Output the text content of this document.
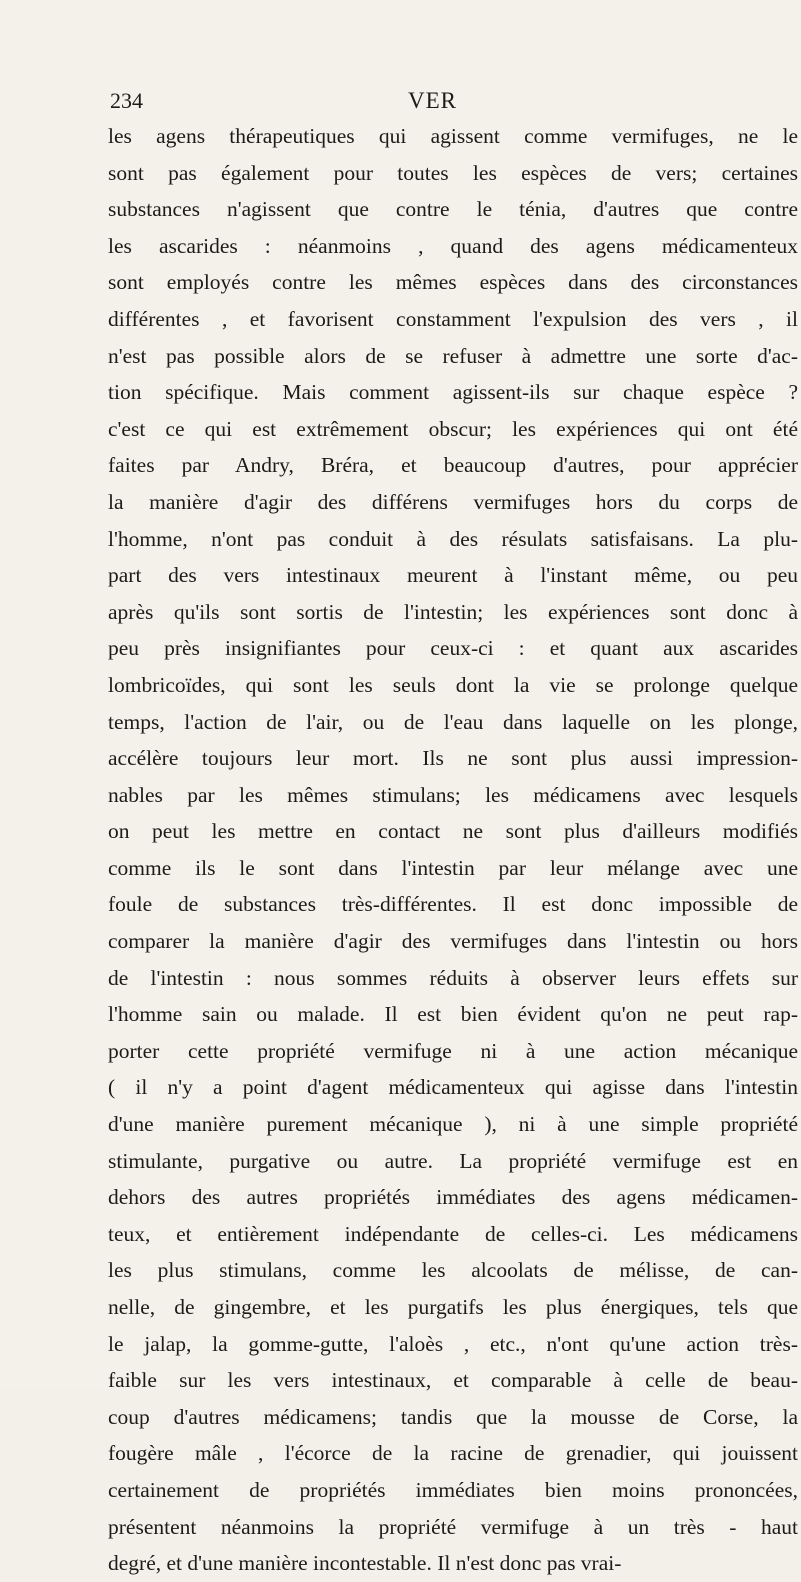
234	VER
les agens thérapeutiques qui agissent comme vermifuges, ne le
sont pas également pour toutes les espèces de vers; certaines
substances n'agissent que contre le ténia, d'autres que contre
les ascarides : néanmoins , quand des agens médicamenteux
sont employés contre les mêmes espèces dans des circonstances
différentes , et favorisent constamment l'expulsion des vers , il
n'est pas possible alors de se refuser à admettre une sorte d'ac-
tion spécifique. Mais comment agissent-ils sur chaque espèce ?
c'est ce qui est extrêmement obscur; les expériences qui ont été
faites par Andry, Bréra, et beaucoup d'autres, pour apprécier
la manière d'agir des différens vermifuges hors du corps de
l'homme, n'ont pas conduit à des résulats satisfaisans. La plu-
part des vers intestinaux meurent à l'instant même, ou peu
après qu'ils sont sortis de l'intestin; les expériences sont donc à
peu près insignifiantes pour ceux-ci : et quant aux ascarides
lombricoïdes, qui sont les seuls dont la vie se prolonge quelque
temps, l'action de l'air, ou de l'eau dans laquelle on les plonge,
accélère toujours leur mort. Ils ne sont plus aussi impression-
nables par les mêmes stimulans; les médicamens avec lesquels
on peut les mettre en contact ne sont plus d'ailleurs modifiés
comme ils le sont dans l'intestin par leur mélange avec une
foule de substances très-différentes. Il est donc impossible de
comparer la manière d'agir des vermifuges dans l'intestin ou hors
de l'intestin : nous sommes réduits à observer leurs effets sur
l'homme sain ou malade. Il est bien évident qu'on ne peut rap-
porter cette propriété vermifuge ni à une action mécanique
( il n'y a point d'agent médicamenteux qui agisse dans l'intestin
d'une manière purement mécanique ), ni à une simple propriété
stimulante, purgative ou autre. La propriété vermifuge est en
dehors des autres propriétés immédiates des agens médicamen-
teux, et entièrement indépendante de celles-ci. Les médicamens
les plus stimulans, comme les alcoolats de mélisse, de can-
nelle, de gingembre, et les purgatifs les plus énergiques, tels que
le jalap, la gomme-gutte, l'aloès , etc., n'ont qu'une action très-
faible sur les vers intestinaux, et comparable à celle de beau-
coup d'autres médicamens; tandis que la mousse de Corse, la
fougère mâle , l'écorce de la racine de grenadier, qui jouissent
certainement de propriétés immédiates bien moins prononcées,
présentent néanmoins la propriété vermifuge à un très - haut
degré, et d'une manière incontestable. Il n'est donc pas vrai-
